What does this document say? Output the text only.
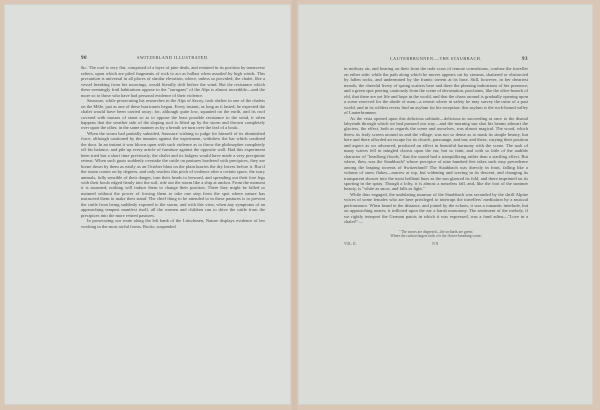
90	SWITZERLAND ILLUSTRATED.

&c. The roof is very flat, composed of a layer of pine deals, and retained in its position by transverse rafters, upon which are piled fragments of rock to act as ballast when assailed by high winds. This precaution is universal in all places of similar elevation, where, unless so provided, the chalet, like a vessel breaking from her moorings, would literally drift before the wind. But the resistance which these seemingly frail habitations oppose to the "ouragans" of the Alps is almost incredible—and the more so to those who have had personal evidence of their violence.

Saussure, while prosecuting his researches in the Alps of Savoy, took shelter in one of the chalets on the Môle, just as one of these hurricanes began. Every instant, as long as it lasted, he expected the chalet would have been carried away; for, although quite low, squatted on the earth, and its roof covered with masses of stone so as to oppose the least possible resistance to the wind, it often happens that the weather side of the sloping roof is lifted up by the storm and thrown completely over upon the other, in the same manner as by a breath we turn over the leaf of a book.

When the storm had partially subsided, Saussure wishing to judge for himself of its diminished force, although cautioned by the inmates against the experiment, withdrew the bar which confined the door. In an instant it was blown open with such violence as to throw the philosopher completely off his balance, and pile up every article of furniture against the opposite wall. Had this experiment been tried but a short time previously, the chalet and its lodgers would have made a very precipitate retreat. When such gusts suddenly overtake the cattle on pastures bordered with precipices, they are borne down by them as easily as an October blast on the plain hurries the dry leaves before it. But if the storm comes on by degrees, and only reaches this pitch of violence after a certain space, the wary animals, fully sensible of their danger, turn their heads to leeward, and spreading out their fore legs with their hoofs edged firmly into the soil, ride out the storm like a ship at anchor. From the moment it is assumed, nothing will induce them to change their position. There they might be killed or maimed without the power of forcing them to take one step from the spot where nature has instructed them to make their stand. The chief thing to be attended to in these pastures is to prevent the cattle from being suddenly exposed to the storm; and with this view, when any symptoms of an approaching tempest manifest itself, all the women and children run to drive the cattle from the precipices into the more retired pastures.

In prosecuting our route along the left bank of the Lütschinen, Nature displays evidence of her working in the most awful forms. Rocks, suspended

LAUTERBRUNNEN.—THE STAUBBACH.	93

in midway air, and bearing on their front the rude scars of remote convulsions, confuse the traveller on either side; while the path along which he moves appears cut by streams, shattered or obstructed by fallen rocks, and undermined by the frantic torrent at its base. Still, however, in her dreariest moods, the cheerful livery of spring scatters here and there the pleasing indications of her presence; and a green spot peering cautiously from the scene of devastation, proclaims, like the olive-branch of old, that there are yet life and hope in the world, and that the chaos around is gradually opening upon a scene reserved for the abode of man—a retreat where in safety he may survey the ruins of a past world, and in its wildest recess find an asylum for his reception: this asylum is the rock-bound valley of Lauterbrunnen.

As the vista opened upon this delicious solitude—delicious in succeeding at once to the dismal labyrinth through which we had pursued our way—and the morning sun shot his beams athwart the glaciers, the effect, both as regards the scene and ourselves, was almost magical. The wood, which threw its leafy screen around us and the village, was not so dense as to mask its simple beauty, but here and there afforded an escape for its church, parsonage, and inn; and these, varying their position and aspect as we advanced, produced an effect in beautiful harmony with the scene. The rush of many waters fell in mingled chorus upon the ear, but so faint, and with so little of the audible character of "headlong floods," that the sound had a tranquillizing rather than a startling effect. But where, then, was the Staubbach? whose precipice of nine hundred feet takes such easy precedence among the leaping torrents of Switzerland? The Staubbach was directly in front, falling like a volume of snow flakes—narrow at top, but widening and waving in its descent, and changing its transparent shower into the most brilliant hues as the sun glanced its fold, and there imprinted on its sporting in the spray. Though a lofty, it is almost a noiseless fall, and, like the foot of the summer beauty, is "white as snow, and falls as light."

While thus engaged, the undulating murmur of the Staubbach was seconded by the shrill Alpine voices of some females who are here privileged to interrupt the travellers' meditation by a musical performance. When heard in the distance, and joined by the echoes, it was a romantic interlude, but on approaching nearer, it inflicted upon the ear a harsh monotony. The sentiment of the melody, if we rightly interpret the German patois in which it was expressed, was a fond adieu—"Love in a chalet!"—

" The snows are dispersed—the orchards are green;
Where the cuckoo lingers forth o'er the flower-breathing scene;
VOL. II.	N N
